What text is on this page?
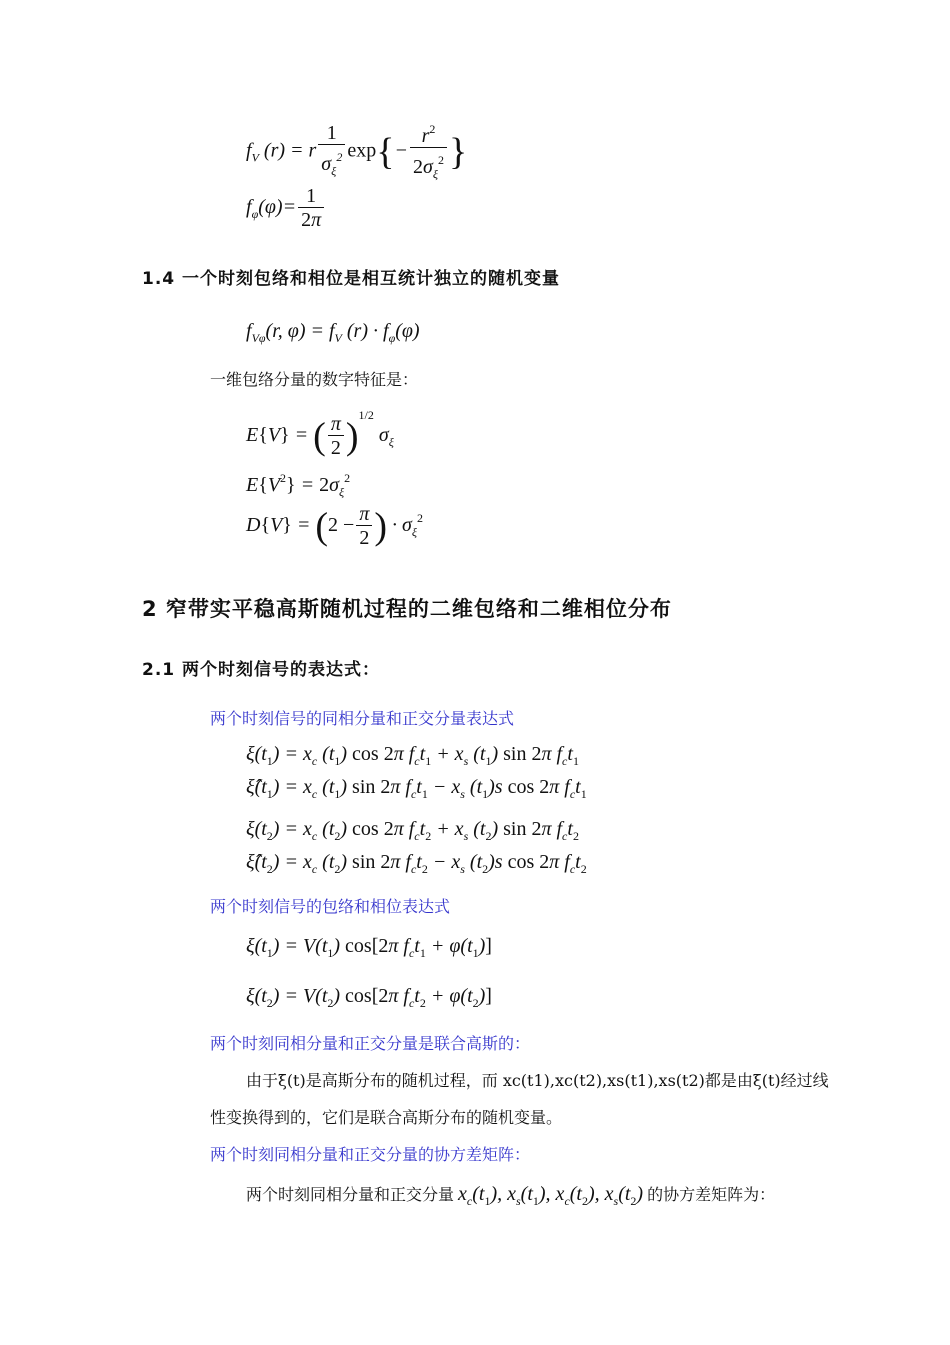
$f_V$ (r) = r $\frac{1}{\sigma_\xi^2} \exp\{- \frac{r^2}{2\sigma_\xi^2}$ }
$f_\varphi(\varphi)= \frac{1}{2\pi}$
1.4 一个时刻包络和相位是相互统计独立的随机变量
$f_{V\varphi}(r$, $\varphi) = f_V$ $(r) \cdot f_\varphi(\varphi)$
一维包络分量的数字特征是：
E{V} = ( $\frac{\pi}{2} )^{1/2}$ $\sigma_\xi$
$E\{V^2\} = 2\sigma_\xi^2$
$D\{V\} = (2 - \frac{\pi}{2}$ ) · $\sigma_\xi^2$
2 窄带实平稳高斯随机过程的二维包络和二维相位分布
2.1 两个时刻信号的表达式：
两个时刻信号的同相分量和正交分量表达式
$\xi(t_1) = x_c$ $(t_1)$ cos 2π $f_ct_1 + x_s$ $(t_1)$ sin 2π $f_ct_1$
$\xî(t_1) = x_c$ $(t_1)$ sin 2π $f_ct_1 - x_s$ $(t_1)s$ cos 2π $f_ct_1$
$\xi(t_2) = x_c$ $(t_2)$ cos 2π $f_ct_2 + x_s$ $(t_2)$ sin 2π $f_ct_2$
$\xî(t_2) = x_c$ $(t_2)$ sin 2π $f_ct_2 - x_s$ $(t_2)s$ cos 2π $f_ct_2$
两个时刻信号的包络和相位表达式
$\xi(t_1) = V(t_1)$ cos[2π $f_ct_1 + \varphi(t_1)$]
$\xi(t_2) = V(t_2)$ cos[2π $f_ct_2 + \varphi(t_2)$]
两个时刻同相分量和正交分量是联合高斯的：
由于ξ(t)是高斯分布的随机过程，而 xc(t1),xc(t2),xs(t1),xs(t2)都是由ξ(t)经过线
性变换得到的，它们是联合高斯分布的随机变量。
两个时刻同相分量和正交分量的协方差矩阵：
两个时刻同相分量和正交分量 $x_c(t_1)$, $x_s(t_1)$, $x_c(t_2)$, $x_s(t_2)$ 的协方差矩阵为：
